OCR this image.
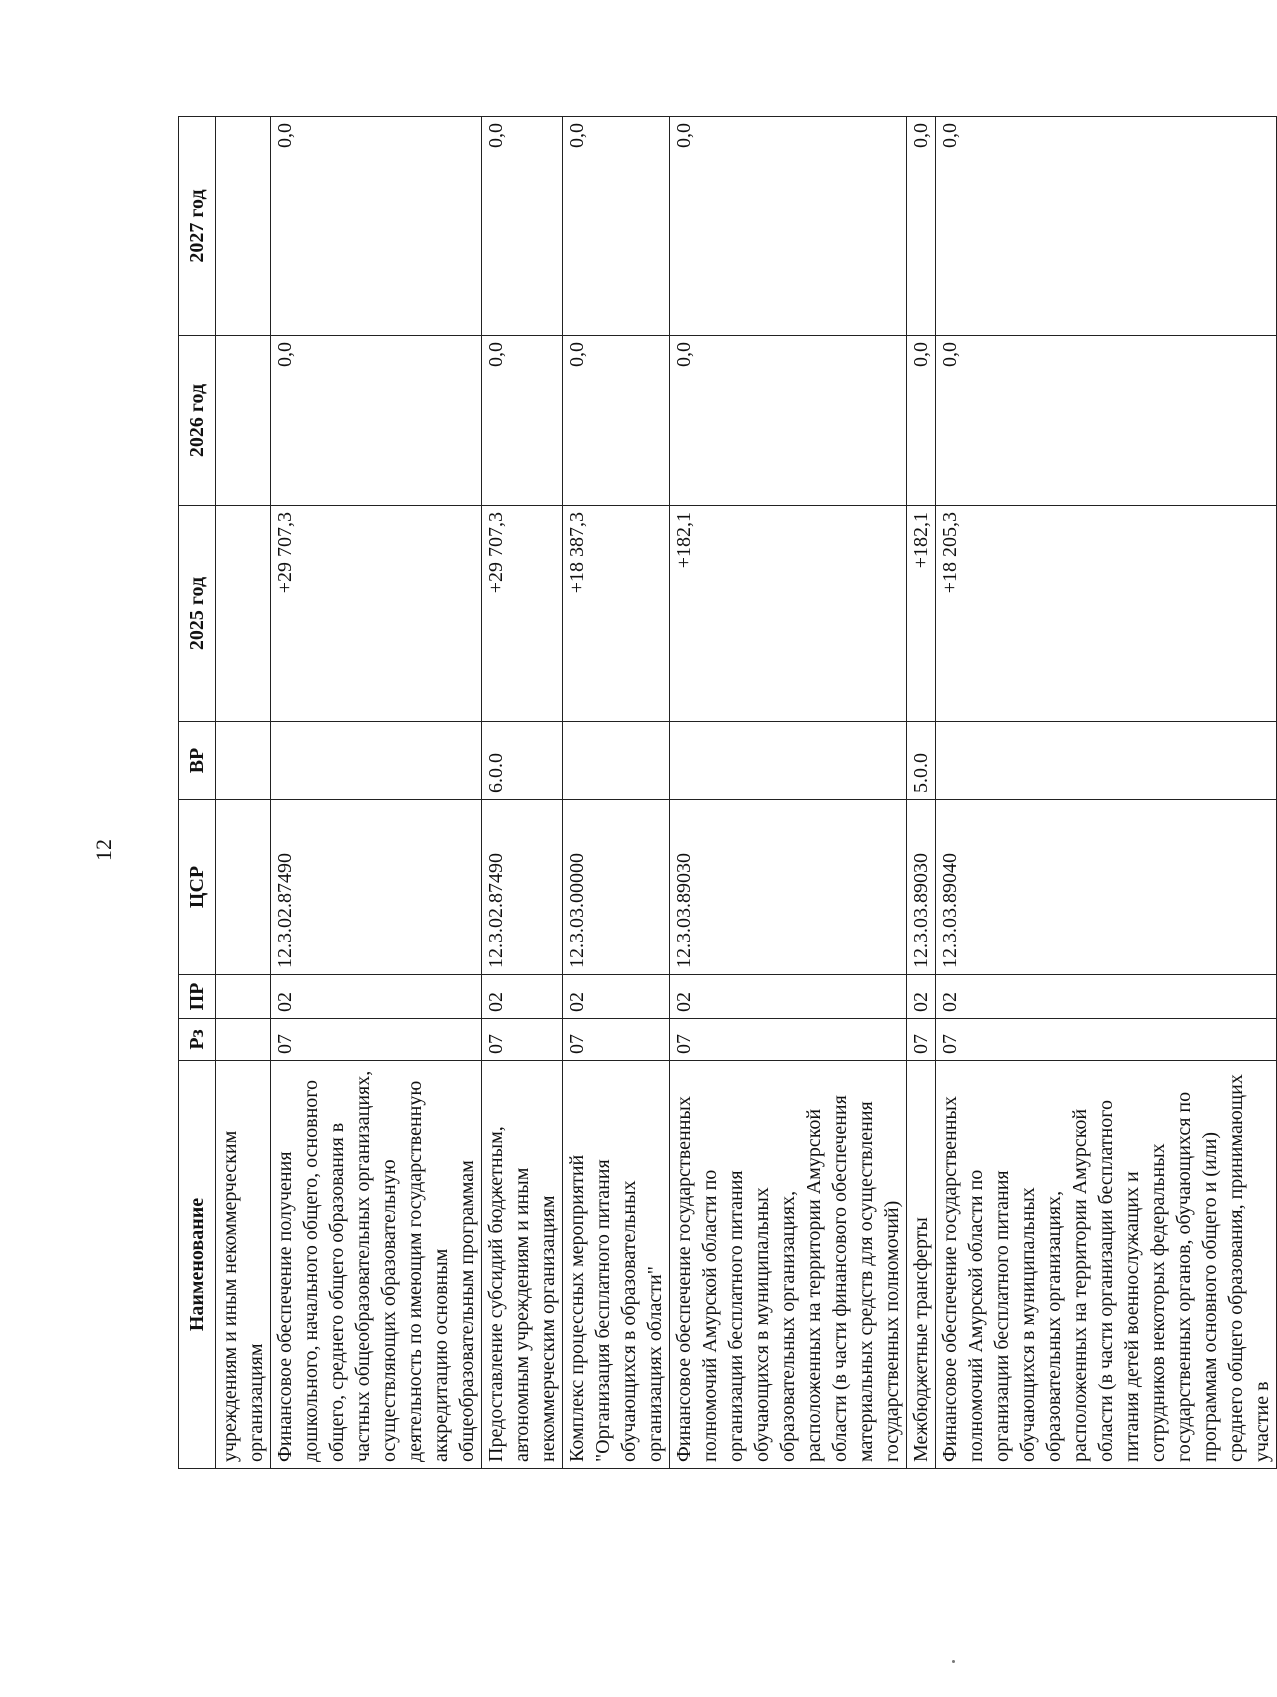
12
Наименование	Рз	ПР	ЦСР	ВР	2025 год	2026 год	2027 год
учреждениям и иным некоммерческим организациям							
Финансовое обеспечение получения дошкольного, начального общего, основного общего, среднего общего образования в частных общеобразовательных организациях, осуществляющих образовательную деятельность по имеющим государственную аккредитацию основным общеобразовательным программам	07	02	12.3.02.87490		+29 707,3	0,0	0,0
Предоставление субсидий бюджетным, автономным учреждениям и иным некоммерческим организациям	07	02	12.3.02.87490	6.0.0	+29 707,3	0,0	0,0
Комплекс процессных мероприятий "Организация бесплатного питания обучающихся в образовательных организациях области"	07	02	12.3.03.00000		+18 387,3	0,0	0,0
Финансовое обеспечение государственных полномочий Амурской области по организации бесплатного питания обучающихся в муниципальных образовательных организациях, расположенных на территории Амурской области (в части финансового обеспечения материальных средств для осуществления государственных полномочий)	07	02	12.3.03.89030		+182,1	0,0	0,0
Межбюджетные трансферты	07	02	12.3.03.89030	5.0.0	+182,1	0,0	0,0
Финансовое обеспечение государственных полномочий Амурской области по организации бесплатного питания обучающихся в муниципальных образовательных организациях, расположенных на территории Амурской области (в части организации бесплатного питания детей военнослужащих и сотрудников некоторых федеральных государственных органов, обучающихся по программам основного общего и (или) среднего общего образования, принимающих участие в	07	02	12.3.03.89040		+18 205,3	0,0	0,0
